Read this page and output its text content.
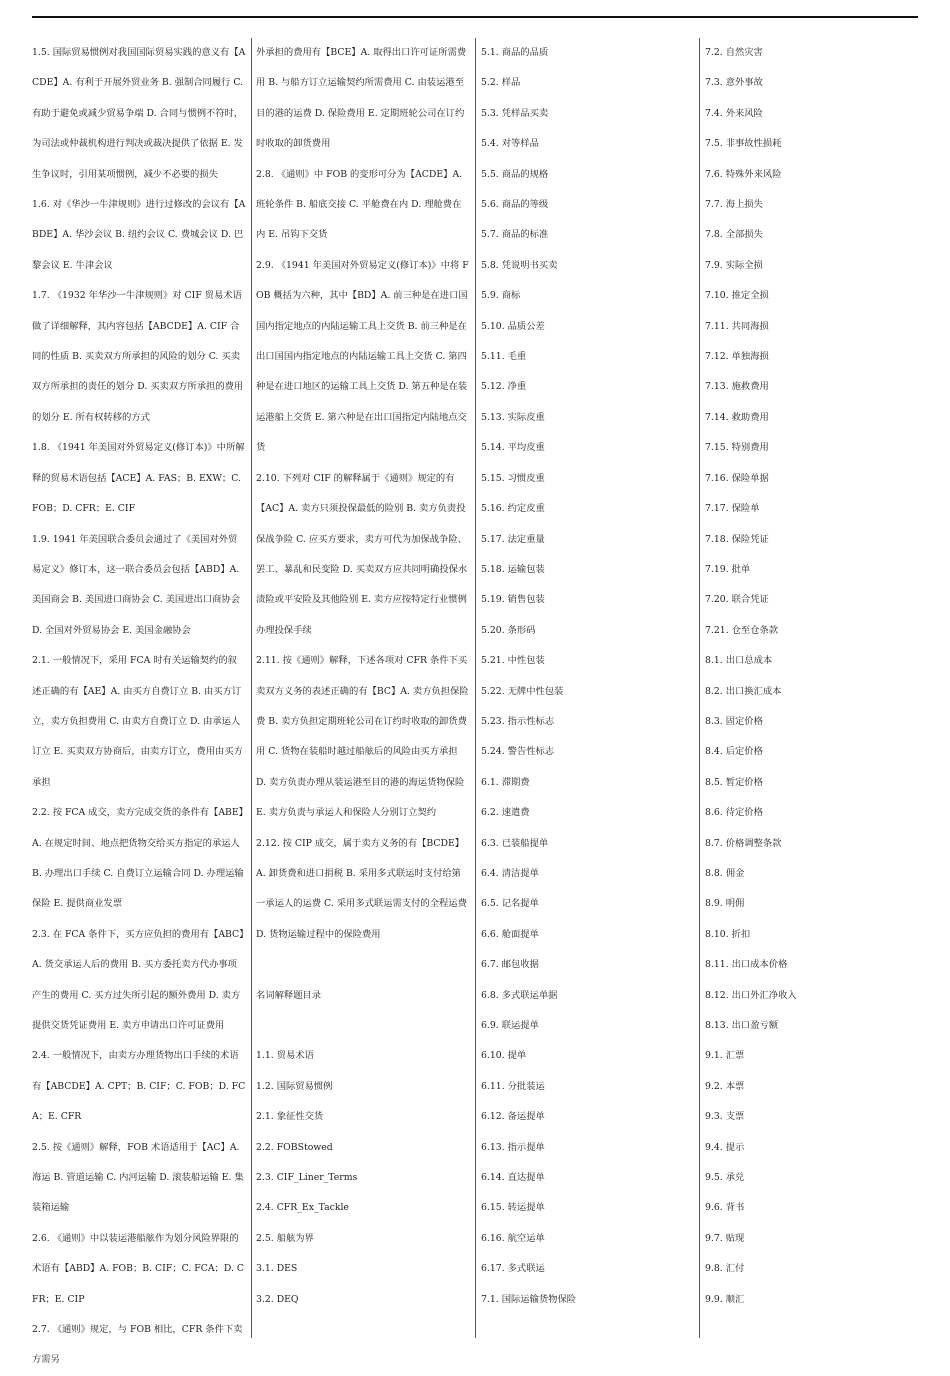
1.5. 国际贸易惯例对我国国际贸易实践的意义有【ACDE】A. 有利于开展外贸业务 B. 强制合同履行 C. 有助于避免或减少贸易争端 D. 合同与惯例不符时，为司法或仲裁机构进行判决或裁决提供了依据 E. 发生争议时，引用某项惯例，减少不必要的损失

1.6. 对《华沙一牛津规则》进行过修改的会议有【ABDE】A. 华沙会议 B. 纽约会议 C. 费城会议 D. 巴黎会议 E. 牛津会议

1.7. 《1932 年华沙一牛津规则》对 CIF 贸易术语做了详细解释，其内容包括【ABCDE】A. CIF 合同的性质 B. 买卖双方所承担的风险的划分 C. 买卖双方所承担的责任的划分 D. 买卖双方所承担的费用的划分 E. 所有权转移的方式

1.8. 《1941 年美国对外贸易定义(修订本)》中所解释的贸易术语包括【ACE】A. FAS；B. EXW；C. FOB；D. CFR；E. CIF

1.9. 1941 年美国联合委员会通过了《美国对外贸易定义》修订本，这一联合委员会包括【ABD】A. 美国商会 B. 美国进口商协会 C. 美国进出口商协会 D. 全国对外贸易协会 E. 美国金融协会

2.1. 一般情况下，采用 FCA 时有关运输契约的叙述正确的有【AE】A. 由买方自费订立 B. 由买方订立，卖方负担费用 C. 由卖方自费订立 D. 由承运人订立 E. 买卖双方协商后，由卖方订立，费用由买方承担

2.2. 按 FCA 成交，卖方完成交货的条件有【ABE】A. 在规定时间、地点把货物交给买方指定的承运人 B. 办理出口手续 C. 自费订立运输合同 D. 办理运输保险 E. 提供商业发票

2.3. 在 FCA 条件下，买方应负担的费用有【ABC】A. 货交承运人后的费用 B. 买方委托卖方代办事项产生的费用 C. 买方过失所引起的额外费用 D. 卖方提供交货凭证费用 E. 卖方申请出口许可证费用

2.4. 一般情况下，由卖方办理货物出口手续的术语有【ABCDE】A. CPT；B. CIF；C. FOB；D. FCA；E. CFR

2.5. 按《通则》解释，FOB 术语适用于【AC】A. 海运 B. 管道运输 C. 内河运输 D. 滚装船运输 E. 集装箱运输

2.6. 《通则》中以装运港船舷作为划分风险界限的术语有【ABD】A. FOB；B. CIF；C. FCA；D. CFR；E. CIP

2.7. 《通则》规定，与 FOB 相比，CFR 条件下卖方需另

外承担的费用有【BCE】A. 取得出口许可证所需费用 B. 与船方订立运输契约所需费用 C. 由装运港至目的港的运费 D. 保险费用 E. 定期班轮公司在订约时收取的卸货费用

2.8. 《通则》中 FOB 的变形可分为【ACDE】A. 班轮条件 B. 船底交接 C. 平舱费在内 D. 理舱费在内 E. 吊钩下交货

2.9. 《1941 年美国对外贸易定义(修订本)》中将 FOB 概括为六种，其中【BD】A. 前三种是在进口国国内指定地点的内陆运输工具上交货 B. 前三种是在出口国国内指定地点的内陆运输工具上交货 C. 第四种是在进口地区的运输工具上交货 D. 第五种是在装运港船上交货 E. 第六种是在出口国指定内陆地点交货

2.10. 下列对 CIF 的解释属于《通则》规定的有【AC】A. 卖方只须投保最低的险别 B. 卖方负责投保战争险 C. 应买方要求，卖方可代为加保战争险、罢工、暴乱和民变险 D. 买卖双方应共同明确投保水渍险或平安险及其他险别 E. 卖方应按特定行业惯例办理投保手续

2.11. 按《通则》解释，下述各项对 CFR 条件下买卖双方义务的表述正确的有【BC】A. 卖方负担保险费 B. 卖方负担定期班轮公司在订约时收取的卸货费用 C. 货物在装船时越过船舷后的风险由买方承担 D. 卖方负责办理从装运港至目的港的海运货物保险 E. 卖方负责与承运人和保险人分别订立契约

2.12. 按 CIP 成交，属于卖方义务的有【BCDE】A. 卸货费和进口捐税 B. 采用多式联运时支付给第一承运人的运费 C. 采用多式联运需支付的全程运费 D. 货物运输过程中的保险费用

名词解释题目录

1.1. 贸易术语

1.2. 国际贸易惯例

2.1. 象征性交货

2.2. FOBStowed

2.3. CIF_Liner_Terms

2.4. CFR_Ex_Tackle

2.5. 船舷为界

3.1. DES

3.2. DEQ

5.1. 商品的品质

5.2. 样品

5.3. 凭样品买卖

5.4. 对等样品

5.5. 商品的规格

5.6. 商品的等级

5.7. 商品的标准

5.8. 凭说明书买卖

5.9. 商标

5.10. 品质公差

5.11. 毛重

5.12. 净重

5.13. 实际皮重

5.14. 平均皮重

5.15. 习惯皮重

5.16. 约定皮重

5.17. 法定重量

5.18. 运输包装

5.19. 销售包装

5.20. 条形码

5.21. 中性包装

5.22. 无牌中性包装

5.23. 指示性标志

5.24. 警告性标志

6.1. 滞期费

6.2. 速遣费

6.3. 已装船提单

6.4. 清洁提单

6.5. 记名提单

6.6. 舱面提单

6.7. 邮包收据

6.8. 多式联运单据

6.9. 联运提单

6.10. 提单

6.11. 分批装运

6.12. 备运提单

6.13. 指示提单

6.14. 直达提单

6.15. 转运提单

6.16. 航空运单

6.17. 多式联运

7.1. 国际运输货物保险

7.2. 自然灾害

7.3. 意外事故

7.4. 外来风险

7.5. 非事故性损耗

7.6. 特殊外来风险

7.7. 海上损失

7.8. 全部损失

7.9. 实际全损

7.10. 推定全损

7.11. 共同海损

7.12. 单独海损

7.13. 施救费用

7.14. 救助费用

7.15. 特别费用

7.16. 保险单据

7.17. 保险单

7.18. 保险凭证

7.19. 批单

7.20. 联合凭证

7.21. 仓至仓条款

8.1. 出口总成本

8.2. 出口换汇成本

8.3. 固定价格

8.4. 后定价格

8.5. 暂定价格

8.6. 待定价格

8.7. 价格调整条款

8.8. 佣金

8.9. 明佣

8.10. 折扣

8.11. 出口成本价格

8.12. 出口外汇净收入

8.13. 出口盈亏额

9.1. 汇票

9.2. 本票

9.3. 支票

9.4. 提示

9.5. 承兑

9.6. 背书

9.7. 贴现

9.8. 汇付

9.9. 顺汇
